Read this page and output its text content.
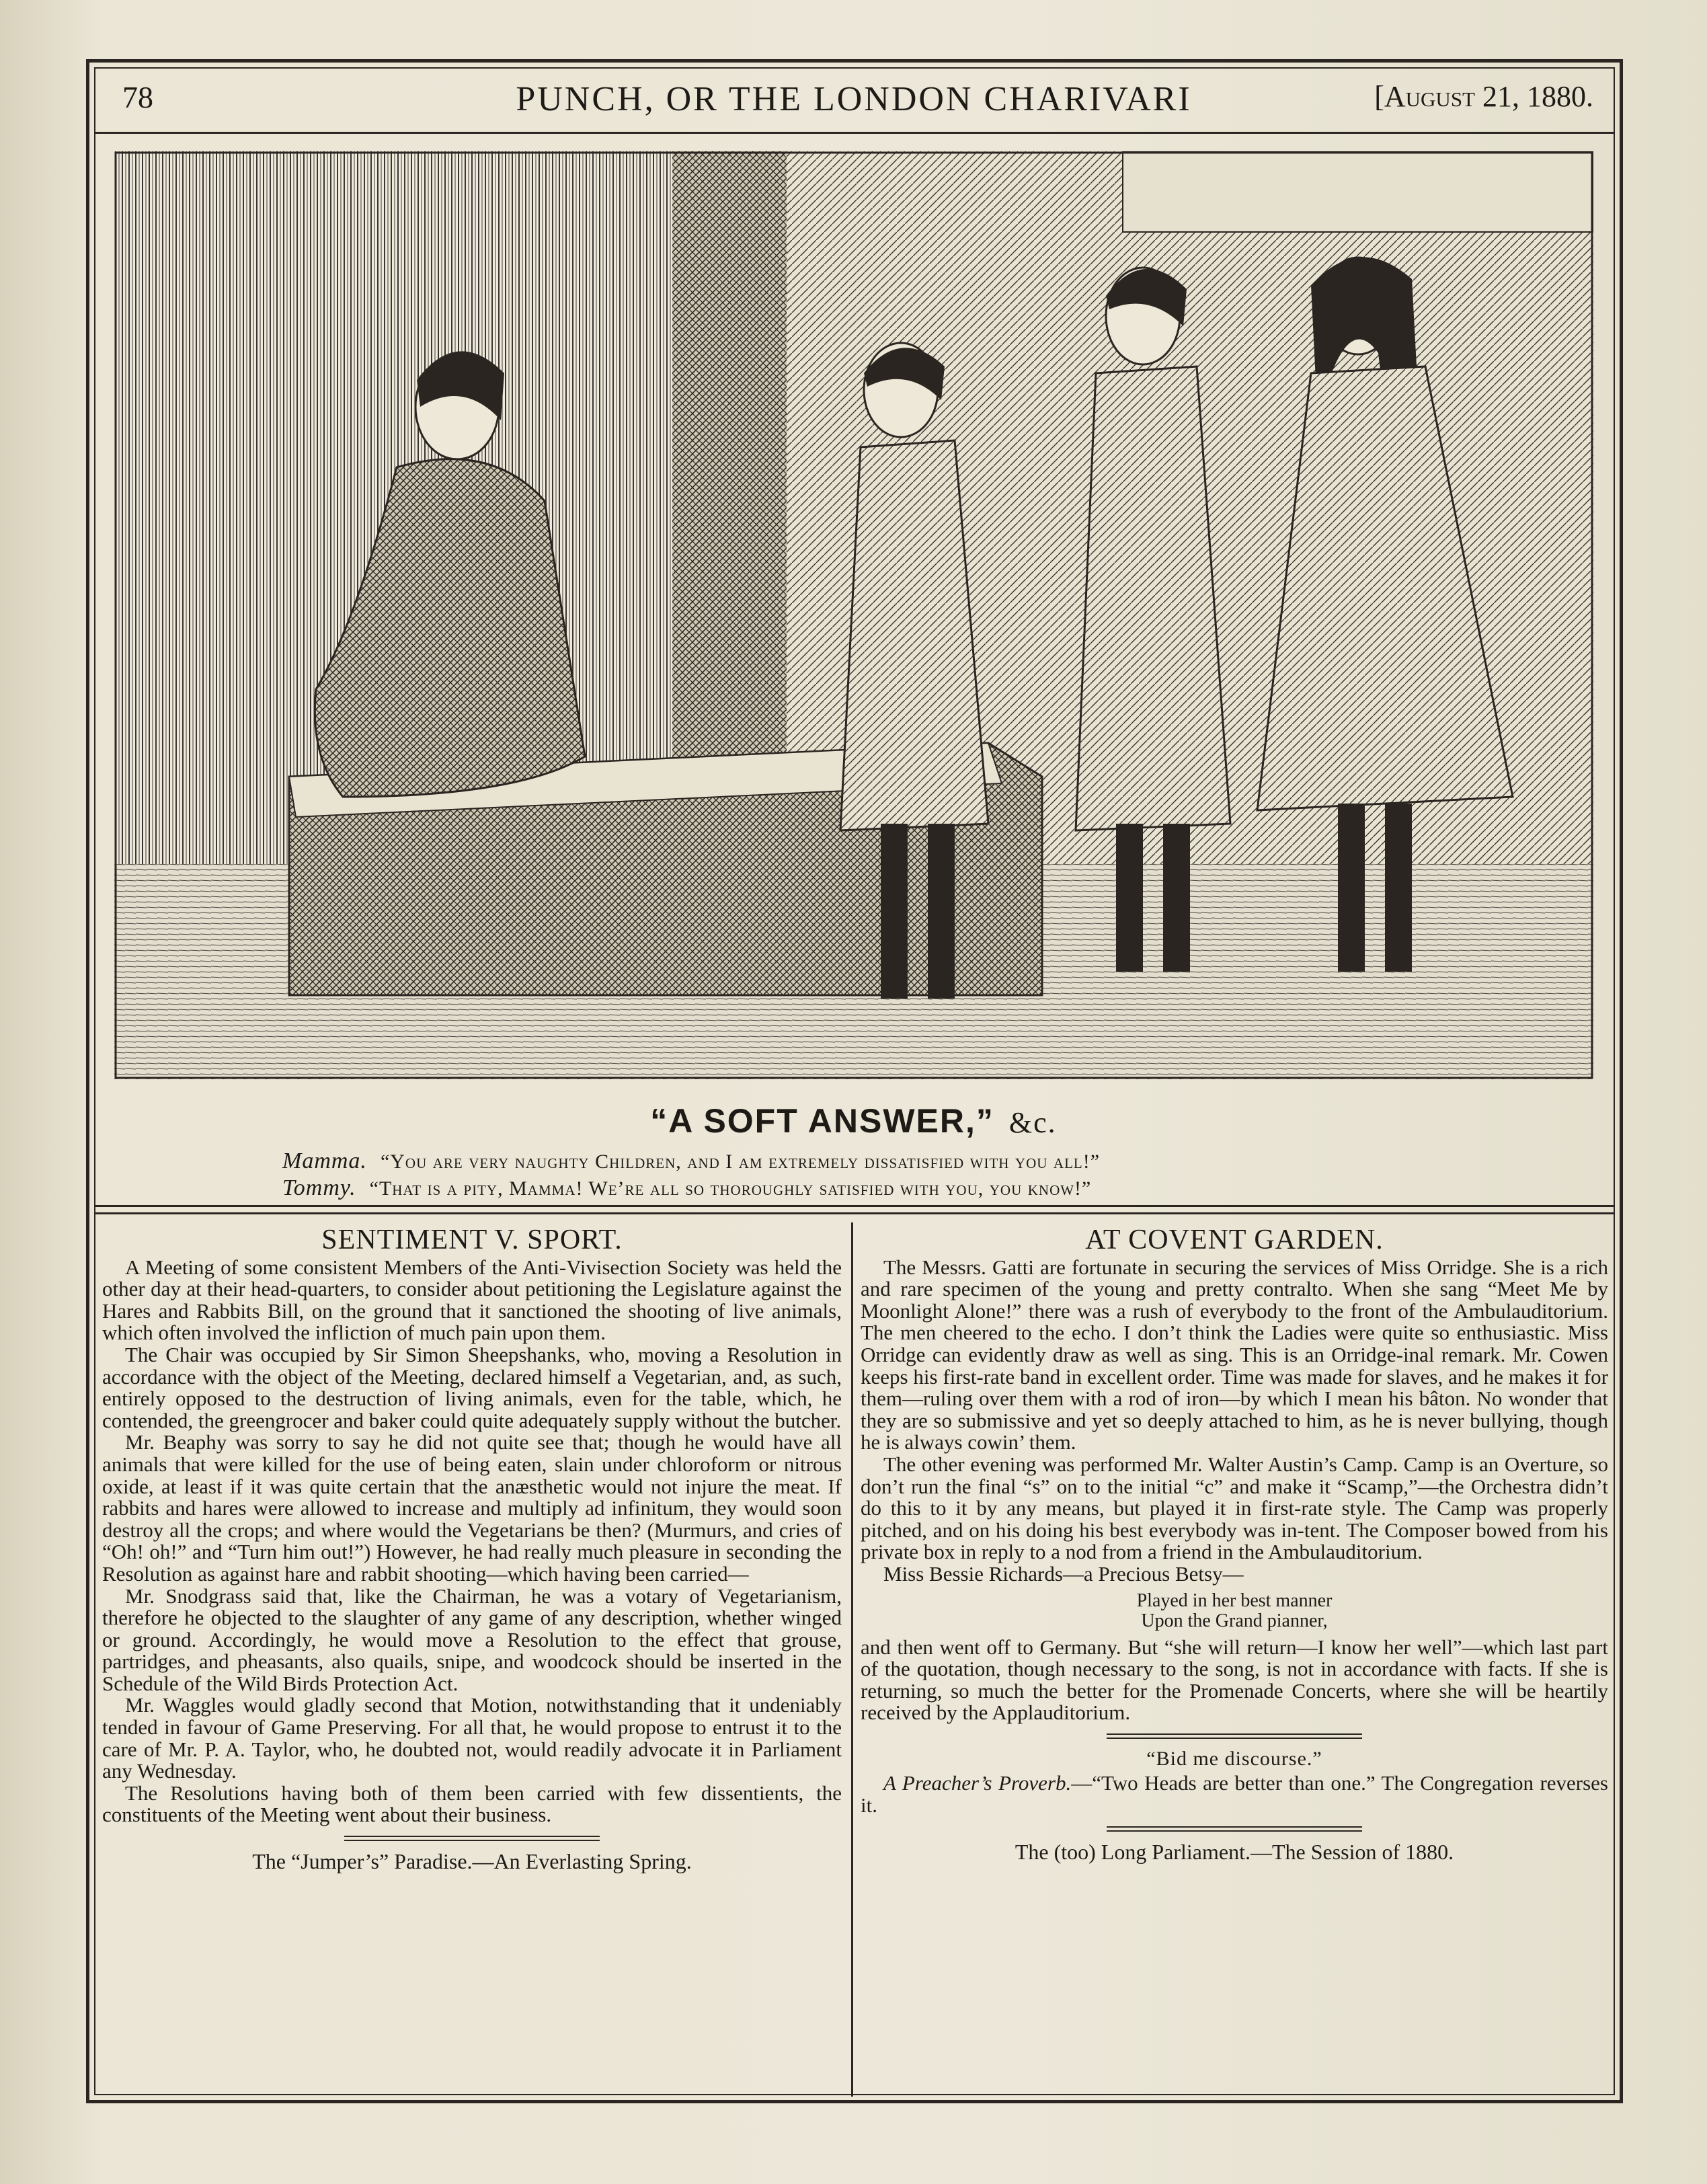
78	PUNCH, OR THE LONDON CHARIVARI	[August 21, 1880.
“A SOFT ANSWER,” &c.
Mamma. “You are very naughty Children, and I am extremely dissatisfied with you all!”
Tommy. “That is a pity, Mamma! We’re all so thoroughly satisfied with you, you know!”
SENTIMENT V. SPORT.

A Meeting of some consistent Members of the Anti-Vivisection Society was held the other day at their head-quarters, to consider about petitioning the Legislature against the Hares and Rabbits Bill, on the ground that it sanctioned the shooting of live animals, which often involved the infliction of much pain upon them.

The Chair was occupied by Sir Simon Sheepshanks, who, moving a Resolution in accordance with the object of the Meeting, declared himself a Vegetarian, and, as such, entirely opposed to the destruction of living animals, even for the table, which, he contended, the greengrocer and baker could quite adequately supply without the butcher.

Mr. Beaphy was sorry to say he did not quite see that; though he would have all animals that were killed for the use of being eaten, slain under chloroform or nitrous oxide, at least if it was quite certain that the anæsthetic would not injure the meat. If rabbits and hares were allowed to increase and multiply ad infinitum, they would soon destroy all the crops; and where would the Vegetarians be then? (Murmurs, and cries of “Oh! oh!” and “Turn him out!”) However, he had really much pleasure in seconding the Resolution as against hare and rabbit shooting—which having been carried—

Mr. Snodgrass said that, like the Chairman, he was a votary of Vegetarianism, therefore he objected to the slaughter of any game of any description, whether winged or ground. Accordingly, he would move a Resolution to the effect that grouse, partridges, and pheasants, also quails, snipe, and woodcock should be inserted in the Schedule of the Wild Birds Protection Act.

Mr. Waggles would gladly second that Motion, notwithstanding that it undeniably tended in favour of Game Preserving. For all that, he would propose to entrust it to the care of Mr. P. A. Taylor, who, he doubted not, would readily advocate it in Parliament any Wednesday.

The Resolutions having both of them been carried with few dissentients, the constituents of the Meeting went about their business.

The “Jumper’s” Paradise.—An Everlasting Spring.
AT COVENT GARDEN.

The Messrs. Gatti are fortunate in securing the services of Miss Orridge. She is a rich and rare specimen of the young and pretty contralto. When she sang “Meet Me by Moonlight Alone!” there was a rush of everybody to the front of the Ambulauditorium. The men cheered to the echo. I don’t think the Ladies were quite so enthusiastic. Miss Orridge can evidently draw as well as sing. This is an Orridge-inal remark. Mr. Cowen keeps his first-rate band in excellent order. Time was made for slaves, and he makes it for them—ruling over them with a rod of iron—by which I mean his bâton. No wonder that they are so submissive and yet so deeply attached to him, as he is never bullying, though he is always cowin’ them.

The other evening was performed Mr. Walter Austin’s Camp. Camp is an Overture, so don’t run the final “s” on to the initial “c” and make it “Scamp,”—the Orchestra didn’t do this to it by any means, but played it in first-rate style. The Camp was properly pitched, and on his doing his best everybody was in-tent. The Composer bowed from his private box in reply to a nod from a friend in the Ambulauditorium.

Miss Bessie Richards—a Precious Betsy—

Played in her best manner
Upon the Grand pianner,

and then went off to Germany. But “she will return—I know her well”—which last part of the quotation, though necessary to the song, is not in accordance with facts. If she is returning, so much the better for the Promenade Concerts, where she will be heartily received by the Applauditorium.

“Bid me discourse.”

A Preacher’s Proverb.—“Two Heads are better than one.” The Congregation reverses it.

The (too) Long Parliament.—The Session of 1880.
